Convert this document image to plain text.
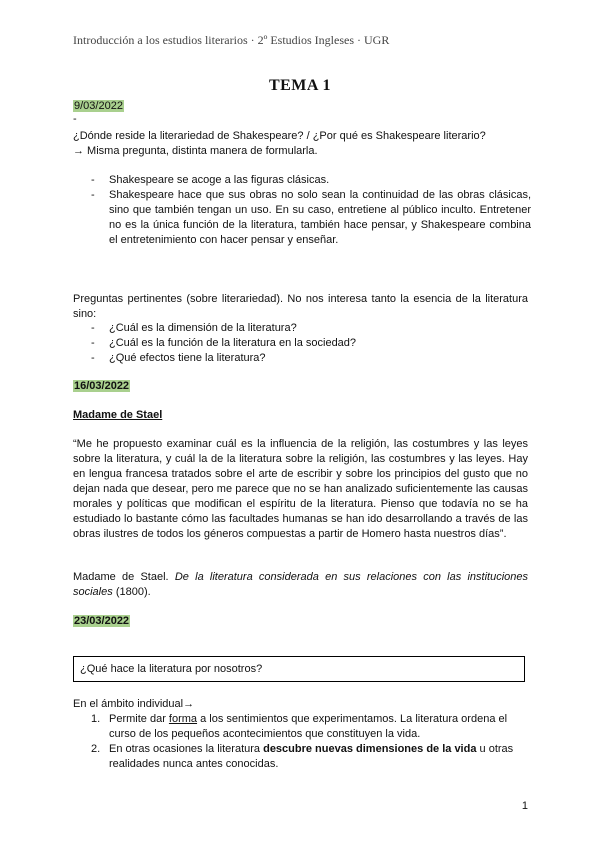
Introducción a los estudios literarios · 2º Estudios Ingleses · UGR
TEMA 1
9/03/2022
-
¿Dónde reside la literariedad de Shakespeare? / ¿Por qué es Shakespeare literario?
→ Misma pregunta, distinta manera de formularla.
- Shakespeare se acoge a las figuras clásicas.
- Shakespeare hace que sus obras no solo sean la continuidad de las obras clásicas, sino que también tengan un uso. En su caso, entretiene al público inculto. Entretener no es la única función de la literatura, también hace pensar, y Shakespeare combina el entretenimiento con hacer pensar y enseñar.
Preguntas pertinentes (sobre literariedad). No nos interesa tanto la esencia de la literatura sino:
- ¿Cuál es la dimensión de la literatura?
- ¿Cuál es la función de la literatura en la sociedad?
- ¿Qué efectos tiene la literatura?
16/03/2022
Madame de Stael
“Me he propuesto examinar cuál es la influencia de la religión, las costumbres y las leyes sobre la literatura, y cuál la de la literatura sobre la religión, las costumbres y las leyes. Hay en lengua francesa tratados sobre el arte de escribir y sobre los principios del gusto que no dejan nada que desear, pero me parece que no se han analizado suficientemente las causas morales y políticas que modifican el espíritu de la literatura. Pienso que todavía no se ha estudiado lo bastante cómo las facultades humanas se han ido desarrollando a través de las obras ilustres de todos los géneros compuestas a partir de Homero hasta nuestros días”.
Madame de Stael. De la literatura considerada en sus relaciones con las instituciones sociales (1800).
23/03/2022
¿Qué hace la literatura por nosotros?
En el ámbito individual→
1. Permite dar forma a los sentimientos que experimentamos. La literatura ordena el curso de los pequeños acontecimientos que constituyen la vida.
2. En otras ocasiones la literatura descubre nuevas dimensiones de la vida u otras realidades nunca antes conocidas.
1
